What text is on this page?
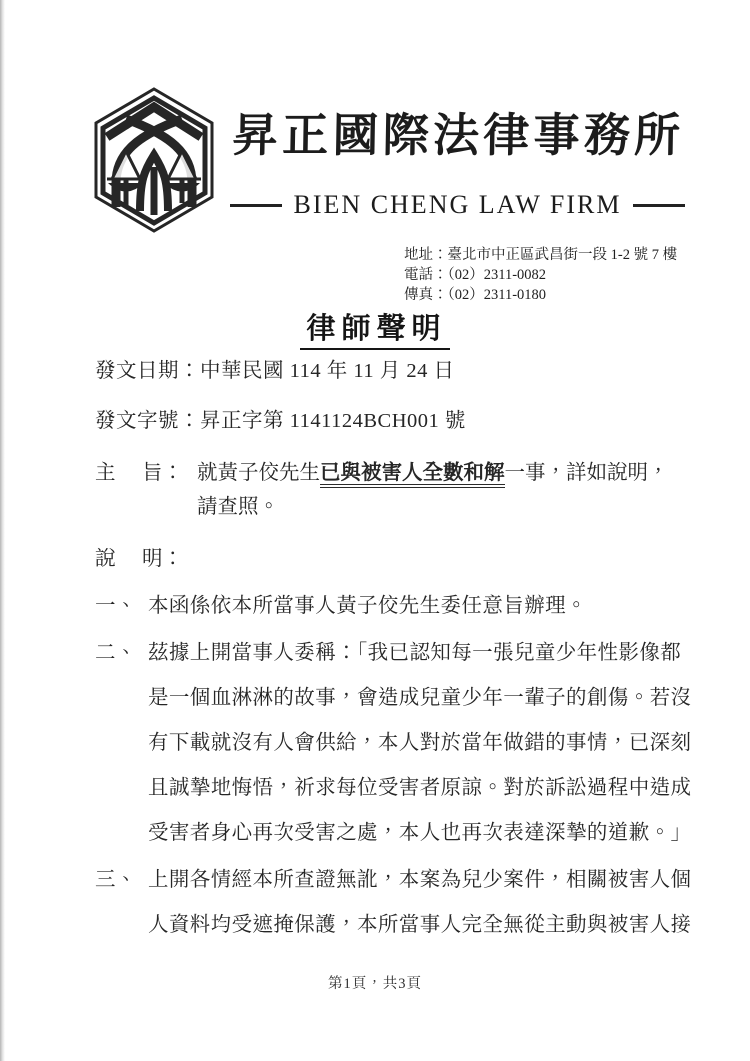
昇正國際法律事務所
BIEN CHENG LAW FIRM
地址：臺北市中正區武昌街一段 1-2 號 7 樓
電話：（02）2311-0082
傳真：（02）2311-0180
律師聲明
發文日期：中華民國 114 年 11 月 24 日
發文字號：昇正字第 1141124BCH001 號
主 旨： 就黃子佼先生已與被害人全數和解一事，詳如說明，
請查照。
說 明：
一、 本函係依本所當事人黃子佼先生委任意旨辦理。
二、 茲據上開當事人委稱：「我已認知每一張兒童少年性影像都
是一個血淋淋的故事，會造成兒童少年一輩子的創傷。若沒
有下載就沒有人會供給，本人對於當年做錯的事情，已深刻
且誠摯地悔悟，祈求每位受害者原諒。對於訴訟過程中造成
受害者身心再次受害之處，本人也再次表達深摯的道歉。」
三、 上開各情經本所查證無訛，本案為兒少案件，相關被害人個
人資料均受遮掩保護，本所當事人完全無從主動與被害人接
第1頁，共3頁
